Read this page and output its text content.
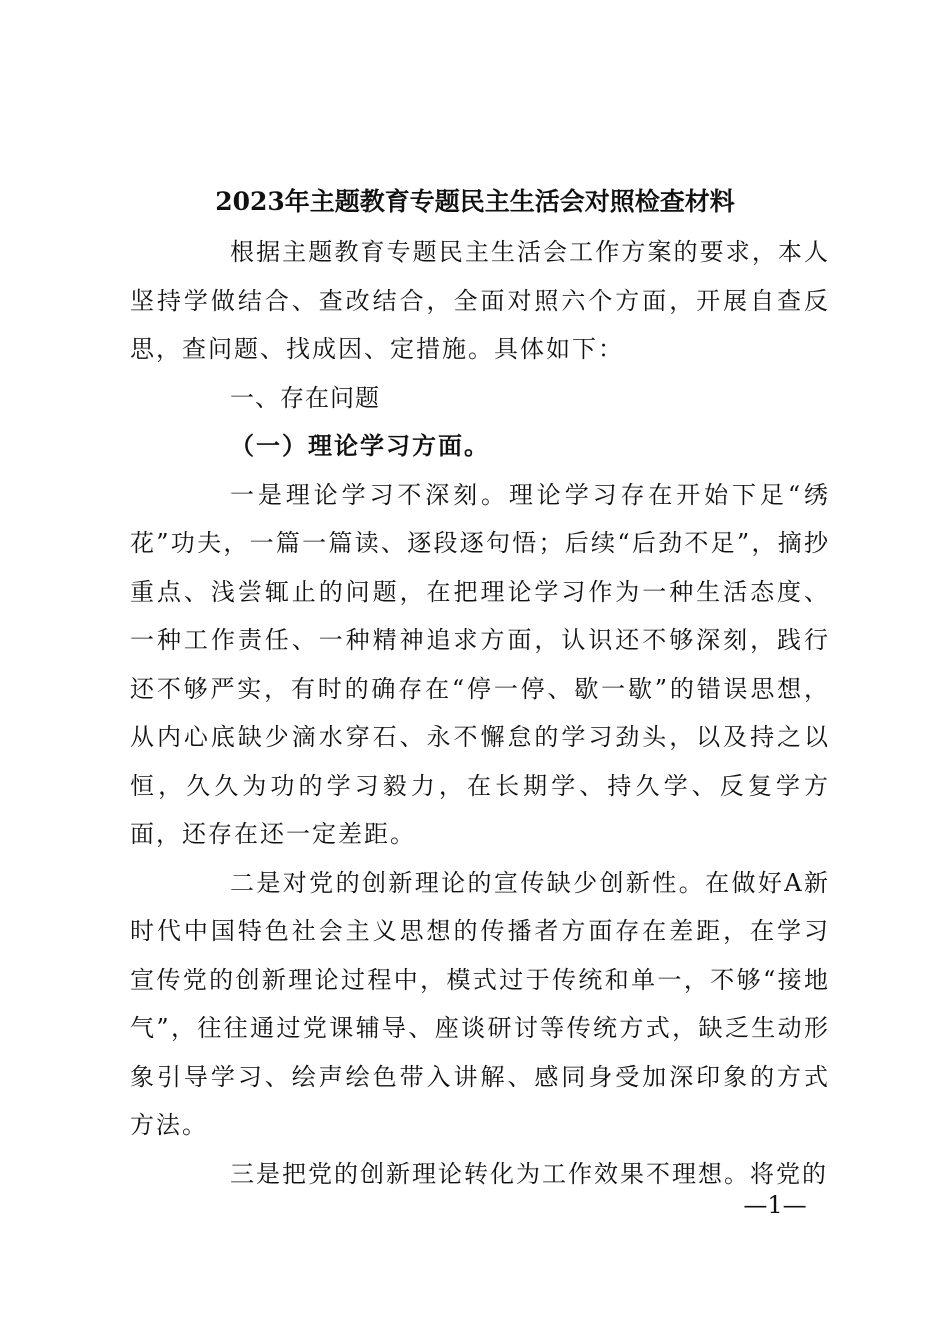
2023年主题教育专题民主生活会对照检查材料

根据主题教育专题民主生活会工作方案的要求，本人坚持学做结合、查改结合，全面对照六个方面，开展自查反思，查问题、找成因、定措施。具体如下：

一、存在问题

（一）理论学习方面。

一是理论学习不深刻。理论学习存在开始下足“绣花”功夫，一篇一篇读、逐段逐句悟；后续“后劲不足”，摘抄重点、浅尝辄止的问题，在把理论学习作为一种生活态度、一种工作责任、一种精神追求方面，认识还不够深刻，践行还不够严实，有时的确存在“停一停、歇一歇”的错误思想，从内心底缺少滴水穿石、永不懈怠的学习劲头，以及持之以恒，久久为功的学习毅力，在长期学、持久学、反复学方面，还存在还一定差距。

二是对党的创新理论的宣传缺少创新性。在做好A新时代中国特色社会主义思想的传播者方面存在差距，在学习宣传党的创新理论过程中，模式过于传统和单一，不够“接地气”，往往通过党课辅导、座谈研讨等传统方式，缺乏生动形象引导学习、绘声绘色带入讲解、感同身受加深印象的方式方法。

三是把党的创新理论转化为工作效果不理想。将党的

—1—
